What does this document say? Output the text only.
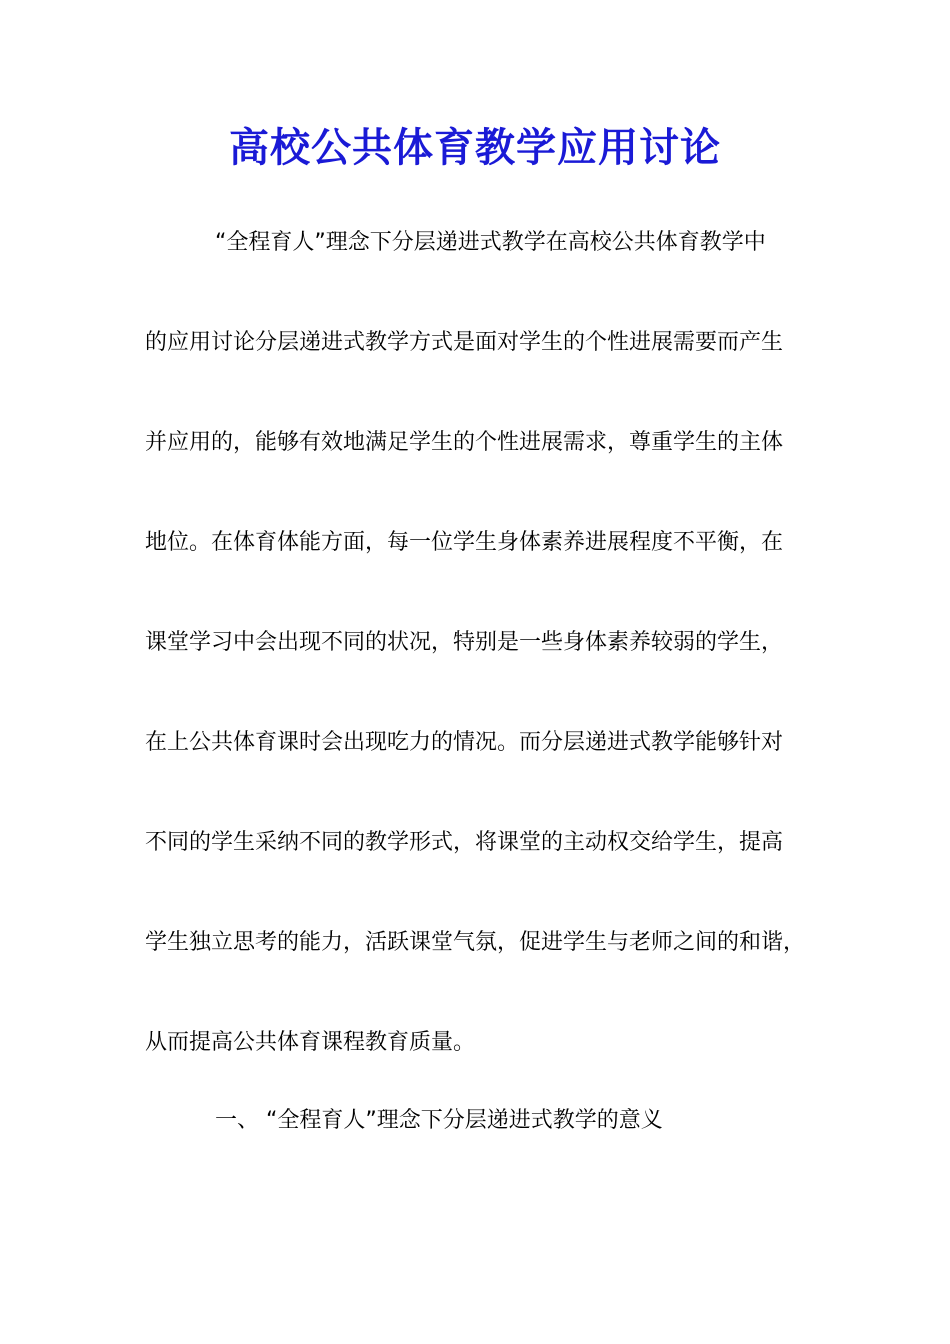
高校公共体育教学应用讨论
“全程育人”理念下分层递进式教学在高校公共体育教学中
的应用讨论分层递进式教学方式是面对学生的个性进展需要而产生
并应用的，能够有效地满足学生的个性进展需求，尊重学生的主体
地位。在体育体能方面，每一位学生身体素养进展程度不平衡，在
课堂学习中会出现不同的状况，特别是一些身体素养较弱的学生，
在上公共体育课时会出现吃力的情况。而分层递进式教学能够针对
不同的学生采纳不同的教学形式，将课堂的主动权交给学生，提高
学生独立思考的能力，活跃课堂气氛，促进学生与老师之间的和谐，
从而提高公共体育课程教育质量。
一、 “全程育人”理念下分层递进式教学的意义
